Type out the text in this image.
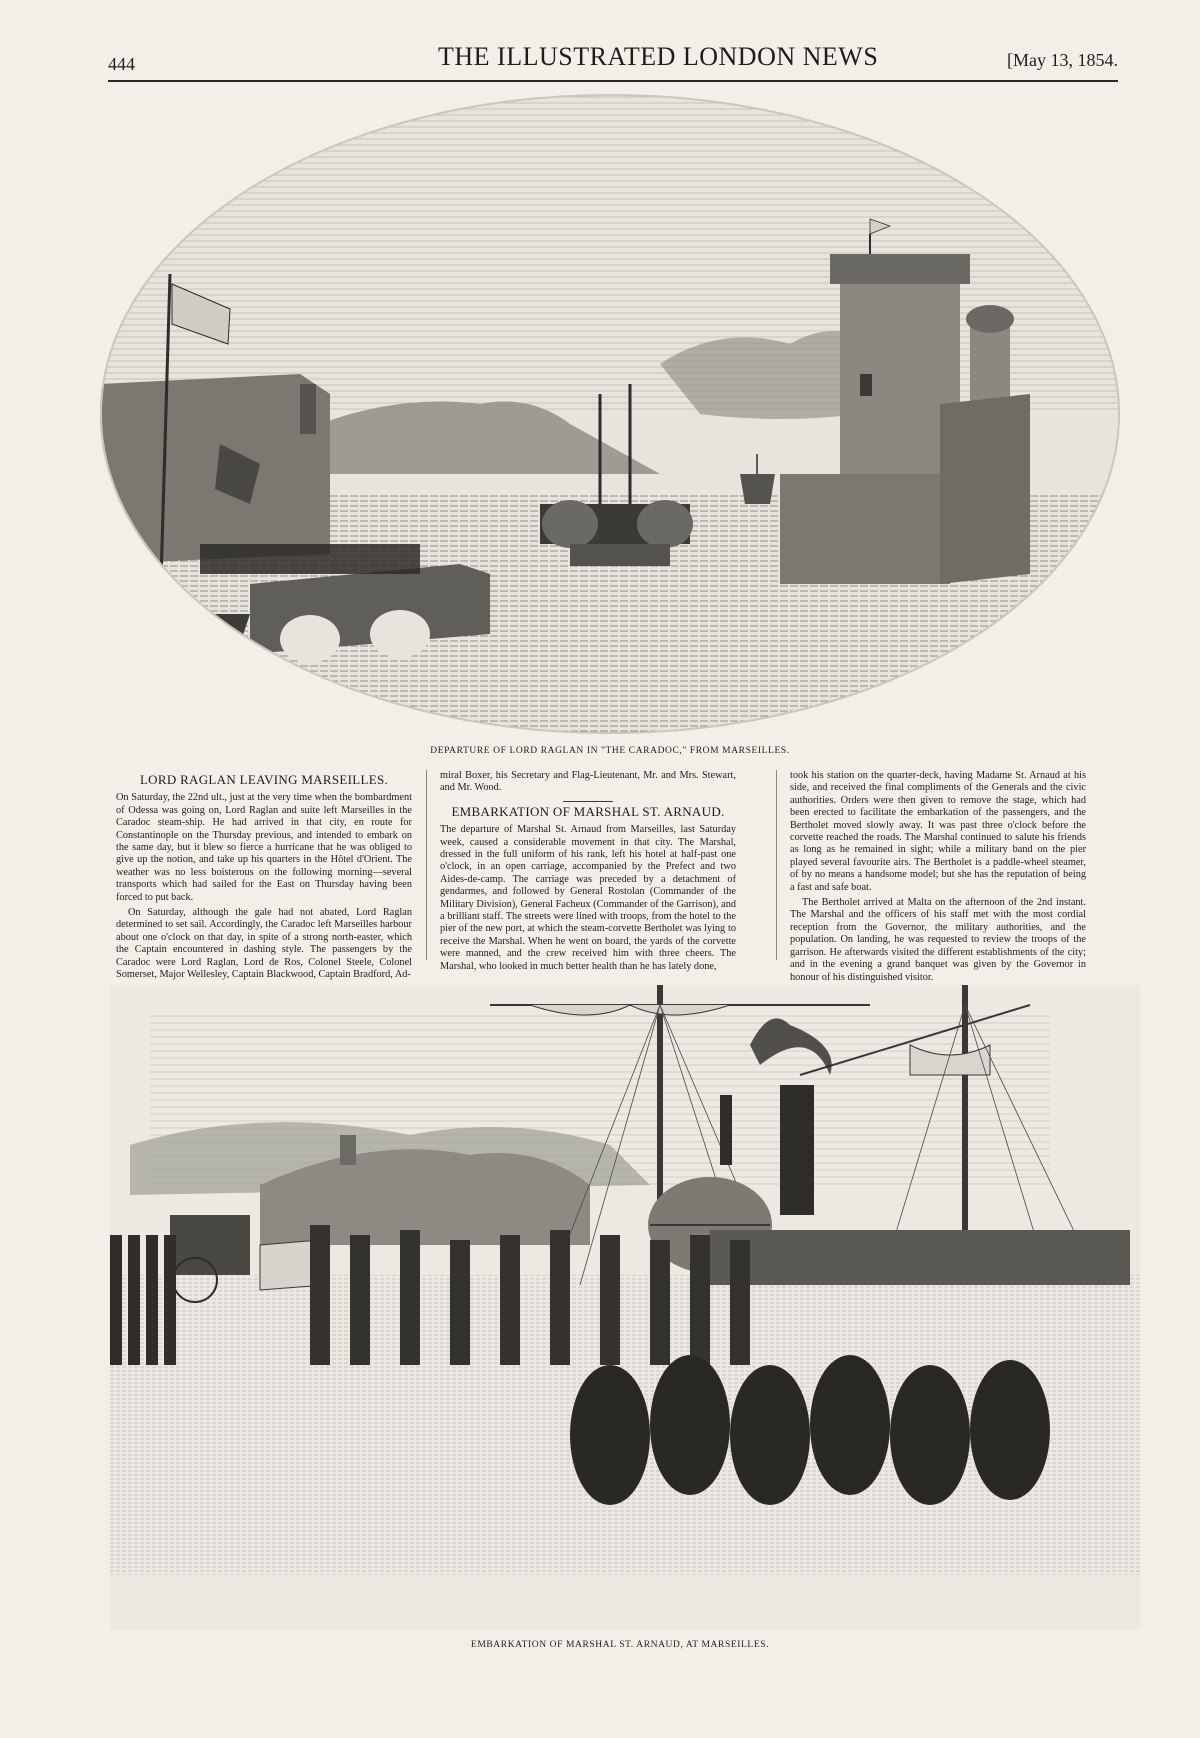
444	THE ILLUSTRATED LONDON NEWS	[May 13, 1854.
DEPARTURE OF LORD RAGLAN IN "THE CARADOC," FROM MARSEILLES.
LORD RAGLAN LEAVING MARSEILLES.

On Saturday, the 22nd ult., just at the very time when the bombardment of Odessa was going on, Lord Raglan and suite left Marseilles in the Caradoc steam-ship. He had arrived in that city, en route for Constantinople on the Thursday previous, and intended to embark on the same day, but it blew so fierce a hurricane that he was obliged to give up the notion, and take up his quarters in the Hôtel d'Orient. The weather was no less boisterous on the following morning—several transports which had sailed for the East on Thursday having been forced to put back.

On Saturday, although the gale had not abated, Lord Raglan determined to set sail. Accordingly, the Caradoc left Marseilles harbour about one o'clock on that day, in spite of a strong north-easter, which the Captain encountered in dashing style. The passengers by the Caradoc were Lord Raglan, Lord de Ros, Colonel Steele, Colonel Somerset, Major Wellesley, Captain Blackwood, Captain Bradford, Ad-

miral Boxer, his Secretary and Flag-Lieutenant, Mr. and Mrs. Stewart, and Mr. Wood.

EMBARKATION OF MARSHAL ST. ARNAUD.

The departure of Marshal St. Arnaud from Marseilles, last Saturday week, caused a considerable movement in that city. The Marshal, dressed in the full uniform of his rank, left his hotel at half-past one o'clock, in an open carriage, accompanied by the Prefect and two Aides-de-camp. The carriage was preceded by a detachment of gendarmes, and followed by General Rostolan (Commander of the Military Division), General Facheux (Commander of the Garrison), and a brilliant staff. The streets were lined with troops, from the hotel to the pier of the new port, at which the steam-corvette Bertholet was lying to receive the Marshal. When he went on board, the yards of the corvette were manned, and the crew received him with three cheers. The Marshal, who looked in much better health than he has lately done,

took his station on the quarter-deck, having Madame St. Arnaud at his side, and received the final compliments of the Generals and the civic authorities. Orders were then given to remove the stage, which had been erected to facilitate the embarkation of the passengers, and the Bertholet moved slowly away. It was past three o'clock before the corvette reached the roads. The Marshal continued to salute his friends as long as he remained in sight; while a military band on the pier played several favourite airs. The Bertholet is a paddle-wheel steamer, of by no means a handsome model; but she has the reputation of being a fast and safe boat.

The Bertholet arrived at Malta on the afternoon of the 2nd instant. The Marshal and the officers of his staff met with the most cordial reception from the Governor, the military authorities, and the population. On landing, he was requested to review the troops of the garrison. He afterwards visited the different establishments of the city; and in the evening a grand banquet was given by the Governor in honour of his distinguished visitor.

EMBARKATION OF MARSHAL ST. ARNAUD, AT MARSEILLES.
